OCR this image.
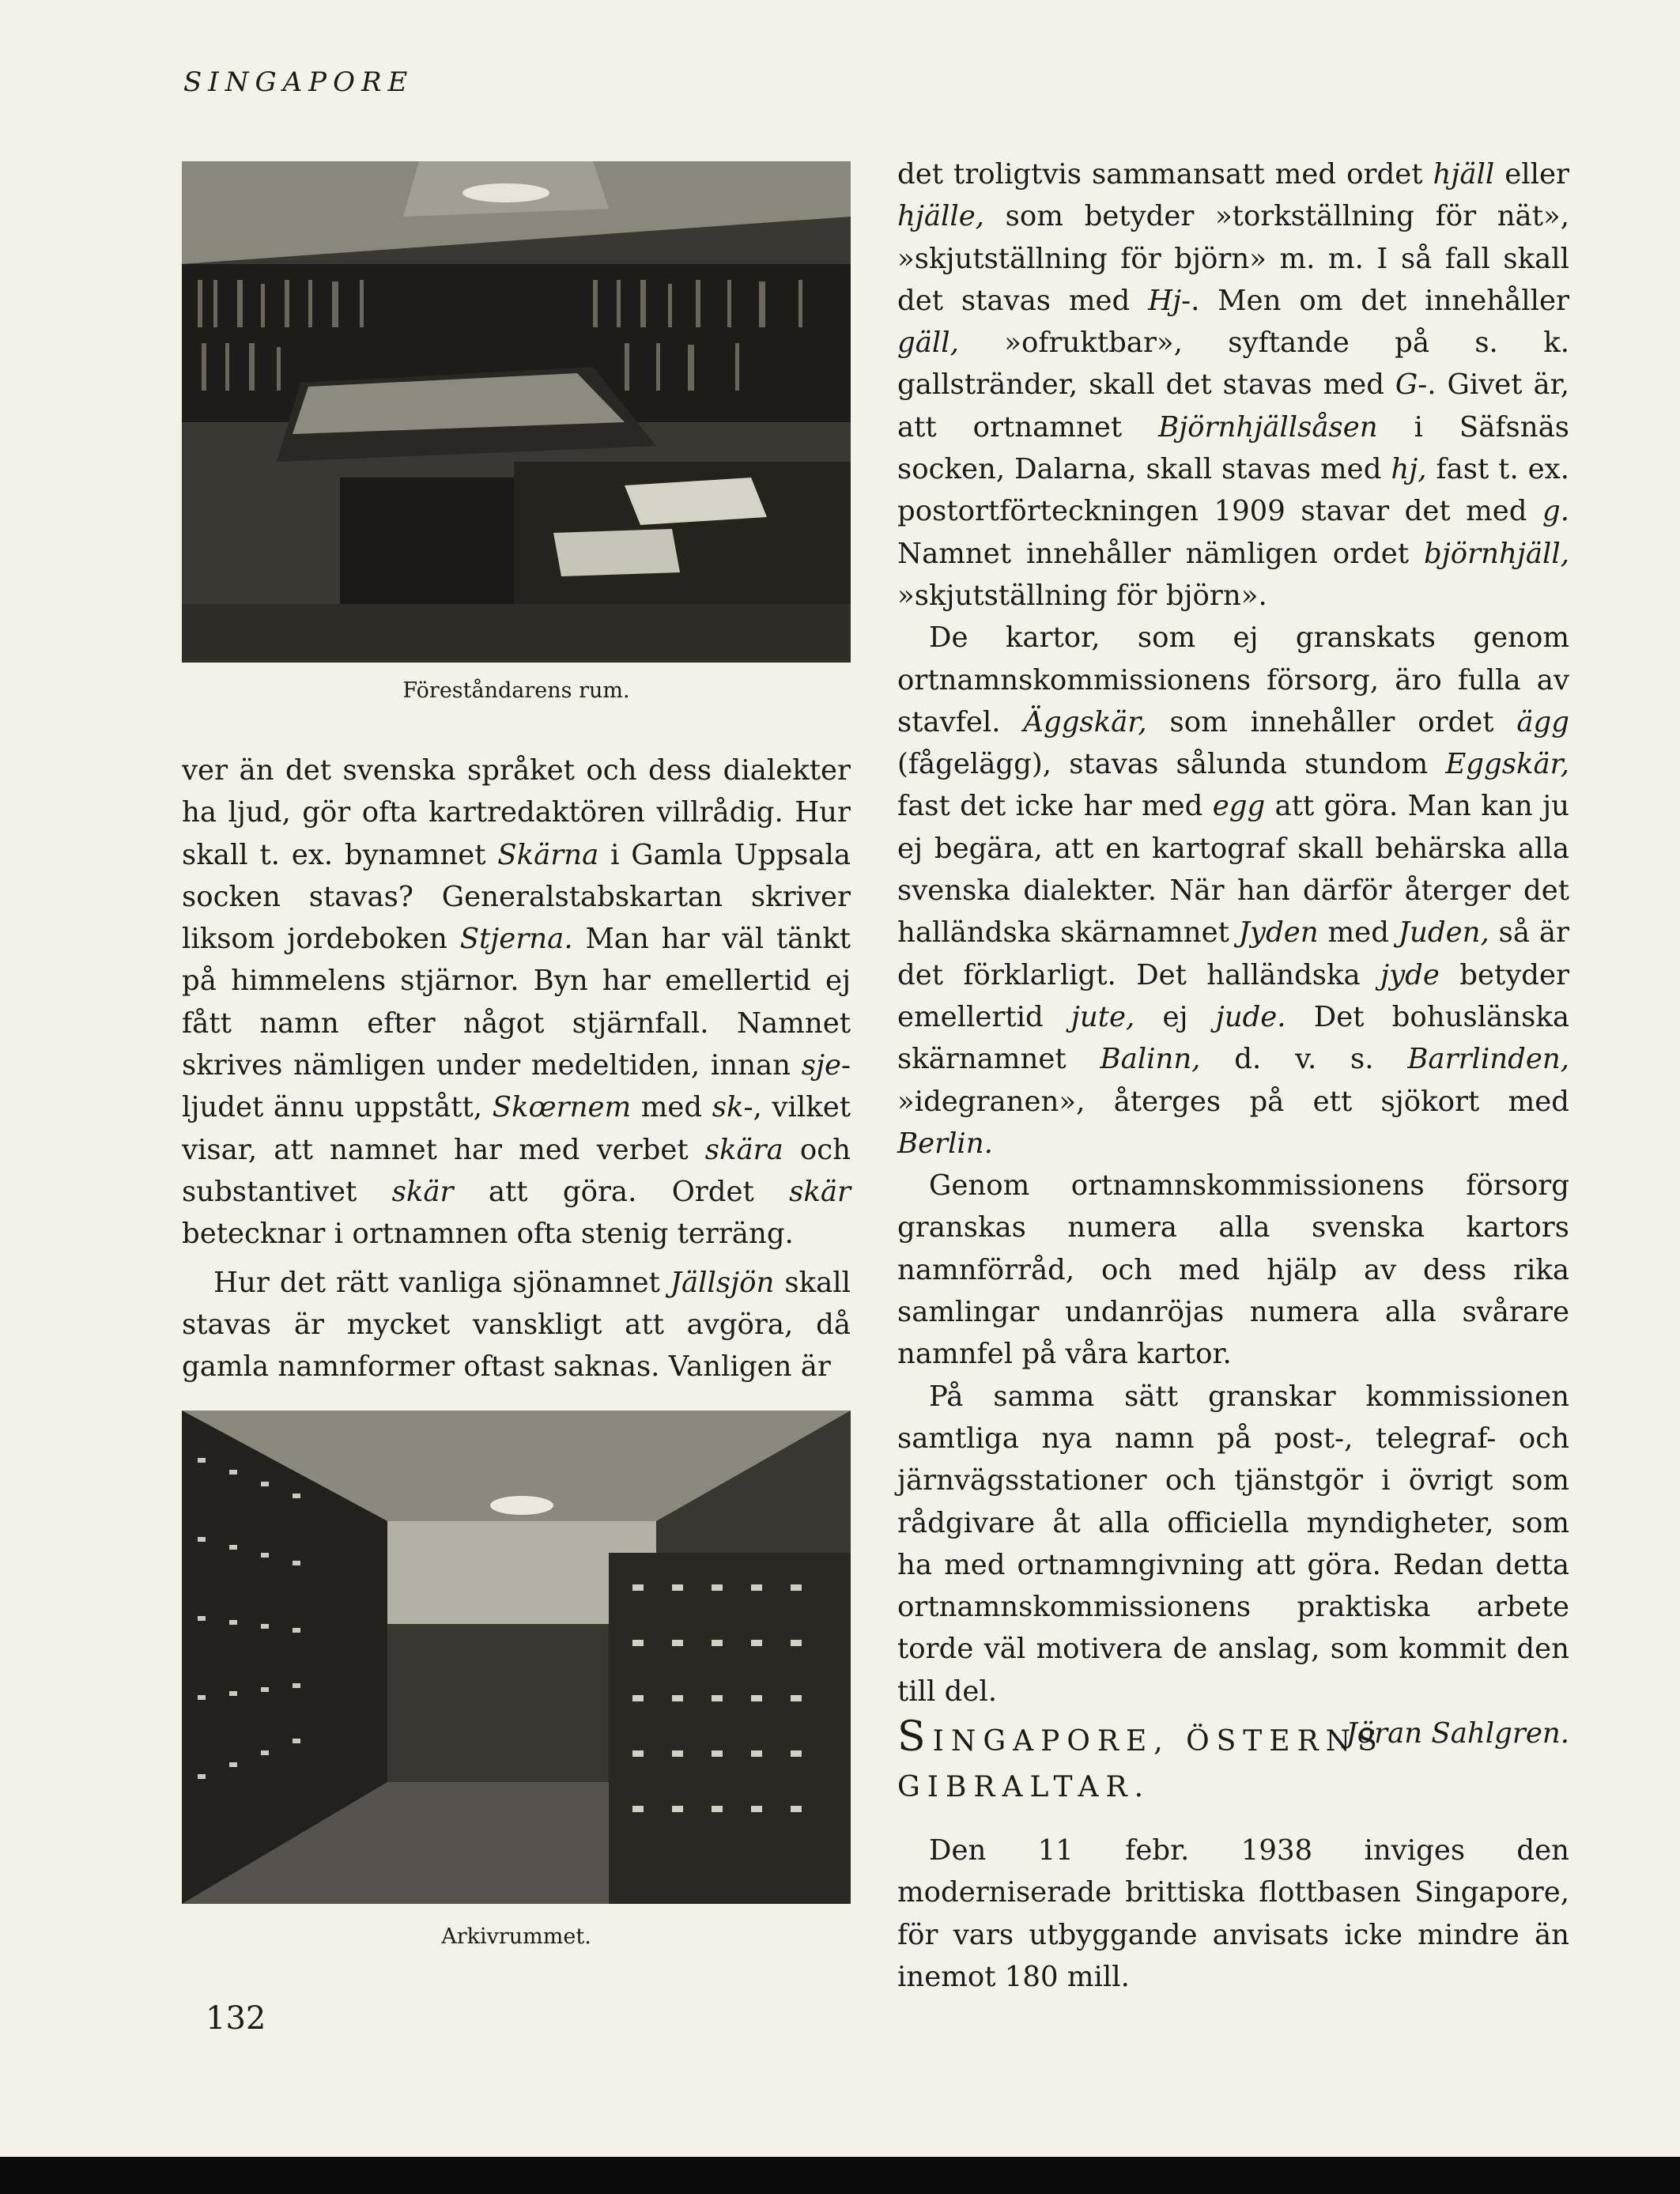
SINGAPORE
Föreståndarens rum.

ver än det svenska språket och dess dialekter ha ljud, gör ofta kartredaktören villrådig. Hur skall t. ex. bynamnet Skärna i Gamla Uppsala socken stavas? Generalstabskartan skriver liksom jordeboken Stjerna. Man har väl tänkt på himmelens stjärnor. Byn har emellertid ej fått namn efter något stjärnfall. Namnet skrives nämligen under medeltiden, innan sje-ljudet ännu uppstått, Skœrnem med sk-, vilket visar, att namnet har med verbet skära och substantivet skär att göra. Ordet skär betecknar i ortnamnen ofta stenig terräng.

Hur det rätt vanliga sjönamnet Jällsjön skall stavas är mycket vanskligt att avgöra, då gamla namnformer oftast saknas. Vanligen är

Arkivrummet.
132

det troligtvis sammansatt med ordet hjäll eller hjälle, som betyder »torkställning för nät», »skjutställning för björn» m. m. I så fall skall det stavas med Hj-. Men om det innehåller gäll, »ofruktbar», syftande på s. k. gallstränder, skall det stavas med G-. Givet är, att ortnamnet Björnhjällsåsen i Säfsnäs socken, Dalarna, skall stavas med hj, fast t. ex. postortförteckningen 1909 stavar det med g. Namnet innehåller nämligen ordet björnhjäll, »skjutställning för björn».

De kartor, som ej granskats genom ortnamnskommissionens försorg, äro fulla av stavfel. Äggskär, som innehåller ordet ägg (fågelägg), stavas sålunda stundom Eggskär, fast det icke har med egg att göra. Man kan ju ej begära, att en kartograf skall behärska alla svenska dialekter. När han därför återger det halländska skärnamnet Jyden med Juden, så är det förklarligt. Det halländska jyde betyder emellertid jute, ej jude. Det bohuslänska skärnamnet Balinn, d. v. s. Barrlinden, »idegranen», återges på ett sjökort med Berlin.

Genom ortnamnskommissionens försorg granskas numera alla svenska kartors namnförråd, och med hjälp av dess rika samlingar undanröjas numera alla svårare namnfel på våra kartor.

På samma sätt granskar kommissionen samtliga nya namn på post-, telegraf- och järnvägsstationer och tjänstgör i övrigt som rådgivare åt alla officiella myndigheter, som ha med ortnamngivning att göra. Redan detta ortnamnskommissionens praktiska arbete torde väl motivera de anslag, som kommit den till del.

Jöran Sahlgren.

SINGAPORE, ÖSTERNS
GIBRALTAR.

Den 11 febr. 1938 inviges den moderniserade brittiska flottbasen Singapore, för vars utbyggande anvisats icke mindre än inemot 180 mill.
